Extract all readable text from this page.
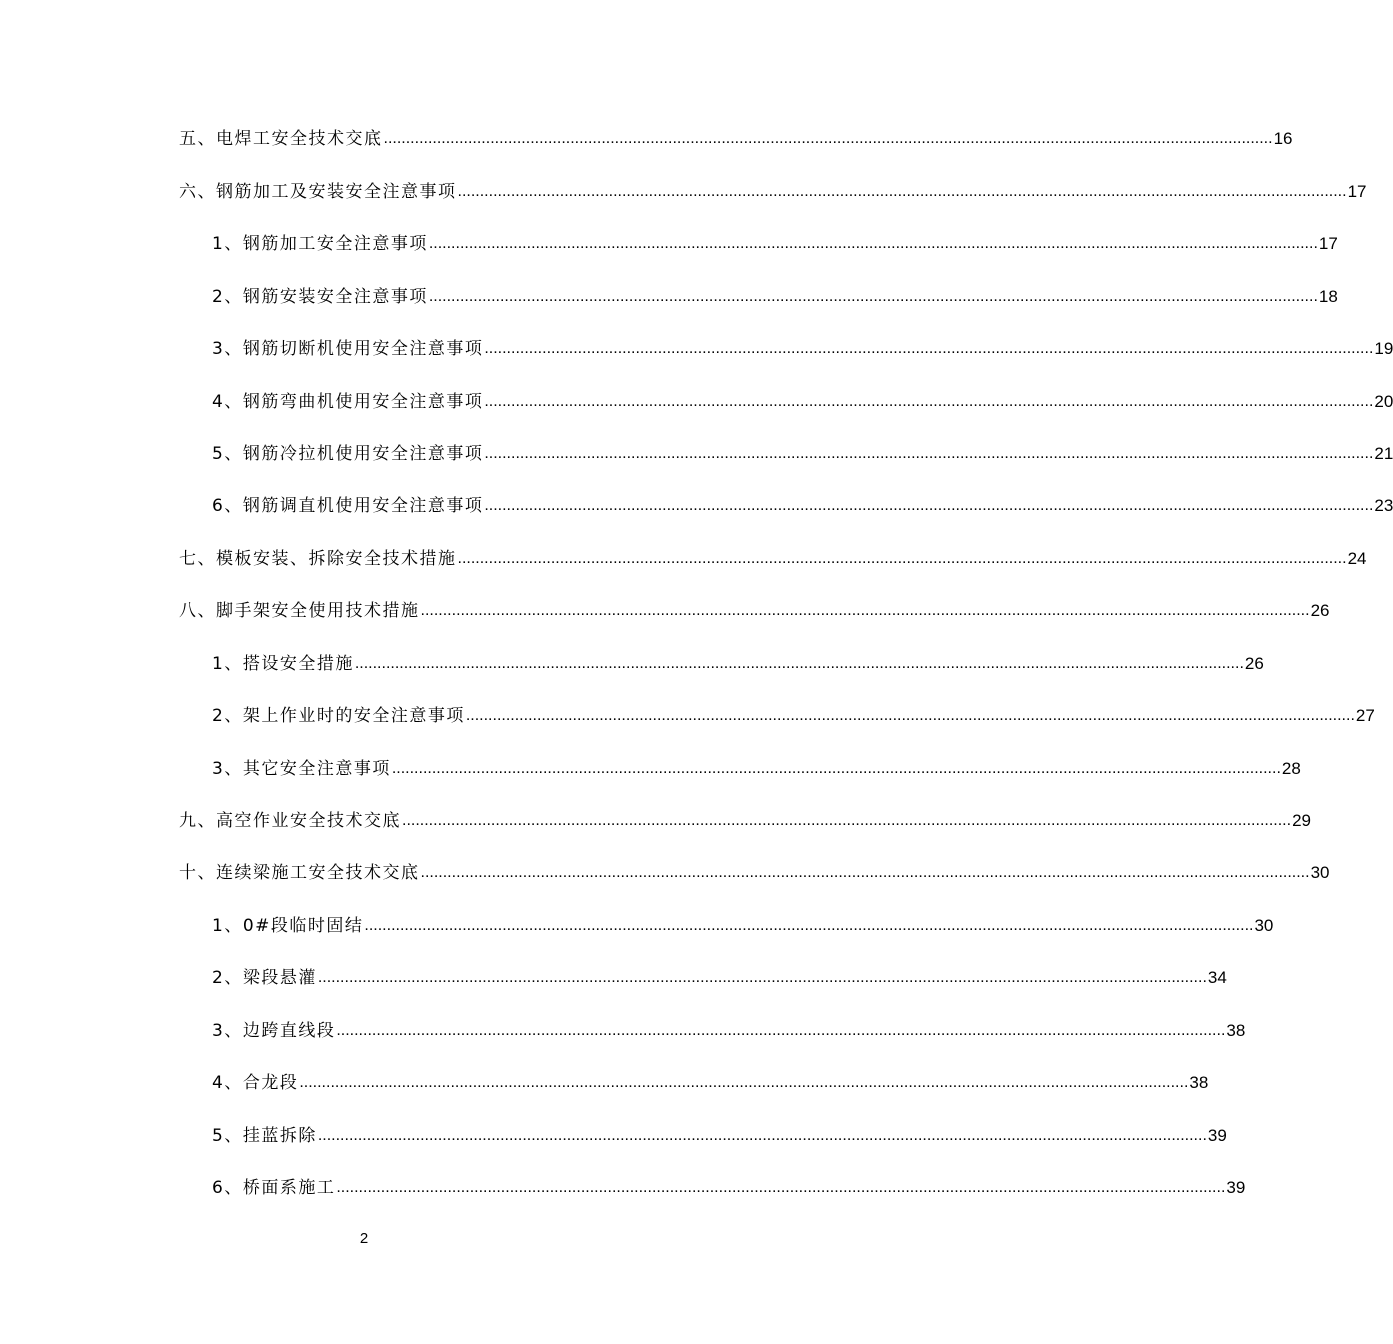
五、电焊工安全技术交底 ........................................................................................................................................................................................................ 16
六、钢筋加工及安装安全注意事项 ........................................................................................................................................................................................................ 17
1、钢筋加工安全注意事项 ........................................................................................................................................................................................................ 17
2、钢筋安装安全注意事项 ........................................................................................................................................................................................................ 18
3、钢筋切断机使用安全注意事项 ........................................................................................................................................................................................................ 19
4、钢筋弯曲机使用安全注意事项 ........................................................................................................................................................................................................ 20
5、钢筋冷拉机使用安全注意事项 ........................................................................................................................................................................................................ 21
6、钢筋调直机使用安全注意事项 ........................................................................................................................................................................................................ 23
七、模板安装、拆除安全技术措施 ........................................................................................................................................................................................................ 24
八、脚手架安全使用技术措施 ........................................................................................................................................................................................................ 26
1、搭设安全措施 ........................................................................................................................................................................................................ 26
2、架上作业时的安全注意事项 ........................................................................................................................................................................................................ 27
3、其它安全注意事项 ........................................................................................................................................................................................................ 28
九、高空作业安全技术交底 ........................................................................................................................................................................................................ 29
十、连续梁施工安全技术交底 ........................................................................................................................................................................................................ 30
1、0#段临时固结 ........................................................................................................................................................................................................ 30
2、梁段悬灌 ........................................................................................................................................................................................................ 34
3、边跨直线段 ........................................................................................................................................................................................................ 38
4、合龙段 ........................................................................................................................................................................................................ 38
5、挂蓝拆除 ........................................................................................................................................................................................................ 39
6、桥面系施工 ........................................................................................................................................................................................................ 39
2
